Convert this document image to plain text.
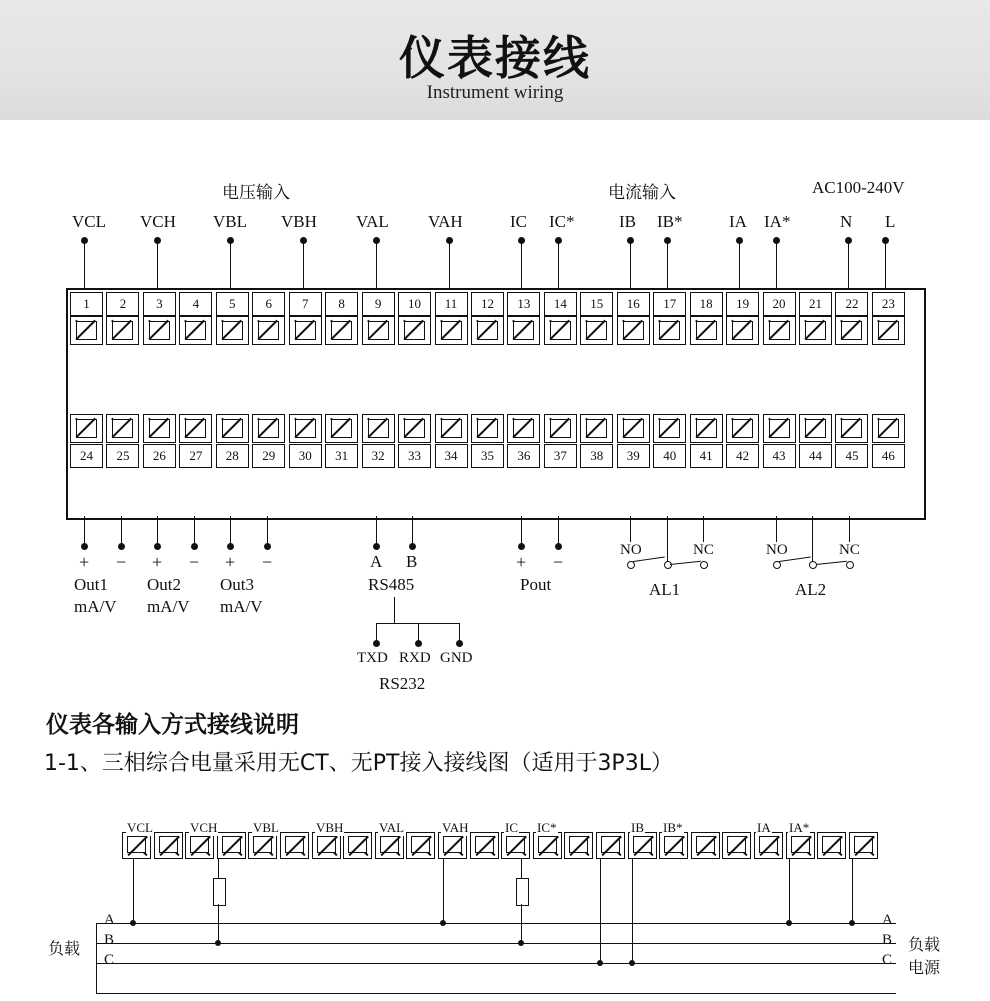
仪表接线
Instrument wiring
电压输入	电流输入	AC100-240V
VCL VCH VBL VBH VAL VAH	IC IC*	IB IB*	IA IA*	N L
1	2	3	4	5	6	7	8	9	10	11	12	13	14	15	16	17	18	19	20	21	22	23
24	25	26	27	28	29	30	31	32	33	34	35	36	37	38	39	40	41	42	43	44	45	46
+ − + − + −	A B	+ −
Out1
mA/V
Out2
mA/V
Out3
mA/V
RS485	Pout
TXD RXD GND
RS232
NO	NC
AL1
NO	NC
AL2
仪表各输入方式接线说明
1-1、三相综合电量采用无CT、无PT接入接线图（适用于3P3L）
VCL	VCH	VBL	VBH	VAL	VAH	IC IC*	IB IB*	IA IA*
A
B
C
A
B
C
负载	负载
电源
